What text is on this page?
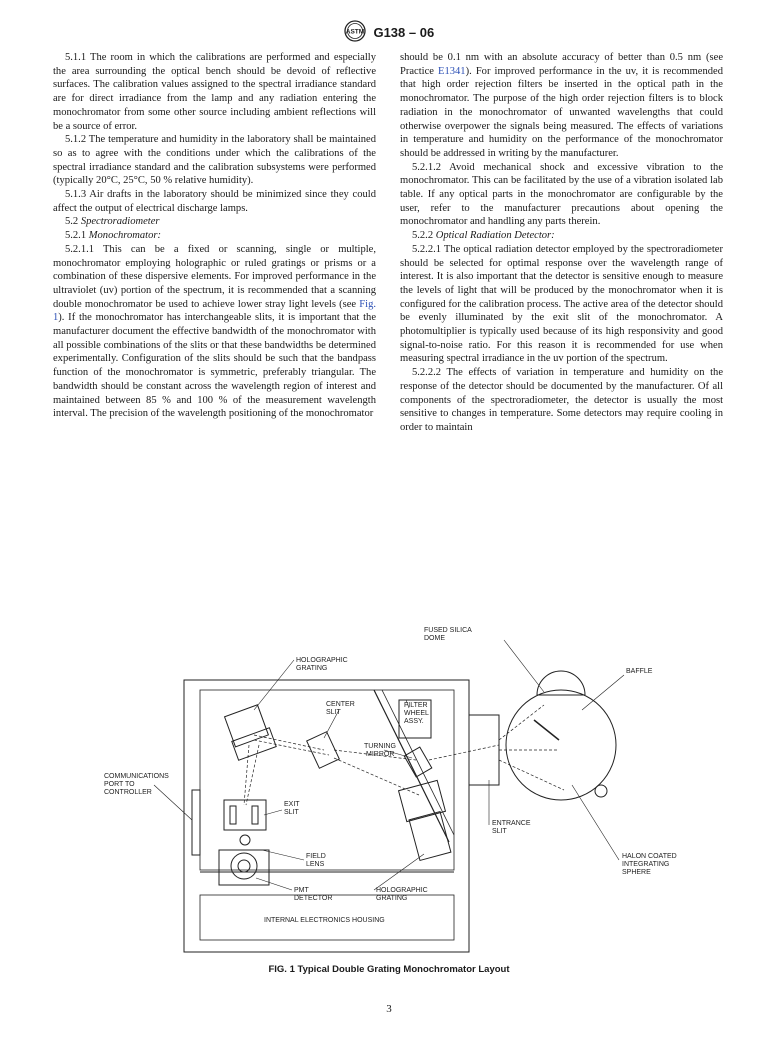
ASTM G138 – 06

5.1.1 The room in which the calibrations are performed and especially the area surrounding the optical bench should be devoid of reflective surfaces. The calibration values assigned to the spectral irradiance standard are for direct irradiance from the lamp and any radiation entering the monochromator from some other source including ambient reflections will be a source of error.

5.1.2 The temperature and humidity in the laboratory shall be maintained so as to agree with the conditions under which the calibrations of the spectral irradiance standard and the calibration subsystems were performed (typically 20°C, 25°C, 50 % relative humidity).

5.1.3 Air drafts in the laboratory should be minimized since they could affect the output of electrical discharge lamps.

5.2 Spectroradiometer

5.2.1 Monochromator:

5.2.1.1 This can be a fixed or scanning, single or multiple, monochromator employing holographic or ruled gratings or prisms or a combination of these dispersive elements. For improved performance in the ultraviolet (uv) portion of the spectrum, it is recommended that a scanning double monochromator be used to achieve lower stray light levels (see Fig. 1). If the monochromator has interchangeable slits, it is important that the manufacturer document the effective bandwidth of the monochromator with all possible combinations of the slits or that these bandwidths be determined experimentally. Configuration of the slits should be such that the bandpass function of the monochromator is symmetric, preferably triangular. The bandwidth should be constant across the wavelength region of interest and maintained between 85 % and 100 % of the measurement wavelength interval. The precision of the wavelength positioning of the monochromator

should be 0.1 nm with an absolute accuracy of better than 0.5 nm (see Practice E1341). For improved performance in the uv, it is recommended that high order rejection filters be inserted in the optical path in the monochromator. The purpose of the high order rejection filters is to block radiation in the monochromator of unwanted wavelengths that could otherwise overpower the signals being measured. The effects of variations in temperature and humidity on the performance of the monochromator should be addressed in writing by the manufacturer.

5.2.1.2 Avoid mechanical shock and excessive vibration to the monochromator. This can be facilitated by the use of a vibration isolated lab table. If any optical parts in the monochromator are configurable by the user, refer to the manufacturer precautions about opening the monochromator and handling any parts therein.

5.2.2 Optical Radiation Detector:

5.2.2.1 The optical radiation detector employed by the spectroradiometer should be selected for optimal response over the wavelength range of interest. It is also important that the detector is sensitive enough to measure the levels of light that will be produced by the monochromator when it is configured for the calibration process. The active area of the detector should be evenly illuminated by the exit slit of the monochromator. A photomultiplier is typically used because of its high responsivity and good signal-to-noise ratio. For this reason it is recommended for use when measuring spectral irradiance in the uv portion of the spectrum.

5.2.2.2 The effects of variation in temperature and humidity on the response of the detector should be documented by the manufacturer. Of all components of the spectroradiometer, the detector is usually the most sensitive to changes in temperature. Some detectors may require cooling in order to maintain

HOLOGRAPHIC
GRATING
CENTER
SLIT
FILTER
WHEEL
ASSY.
FUSED SILICA
DOME
BAFFLE
TURNING
MIRROR
COMMUNICATIONS
PORT TO
CONTROLLER
EXIT
SLIT
ENTRANCE
SLIT
FIELD
LENS
HALON COATED
INTEGRATING
SPHERE
PMT
DETECTOR
HOLOGRAPHIC
GRATING
INTERNAL ELECTRONICS HOUSING
FIG. 1 Typical Double Grating Monochromator Layout
3
